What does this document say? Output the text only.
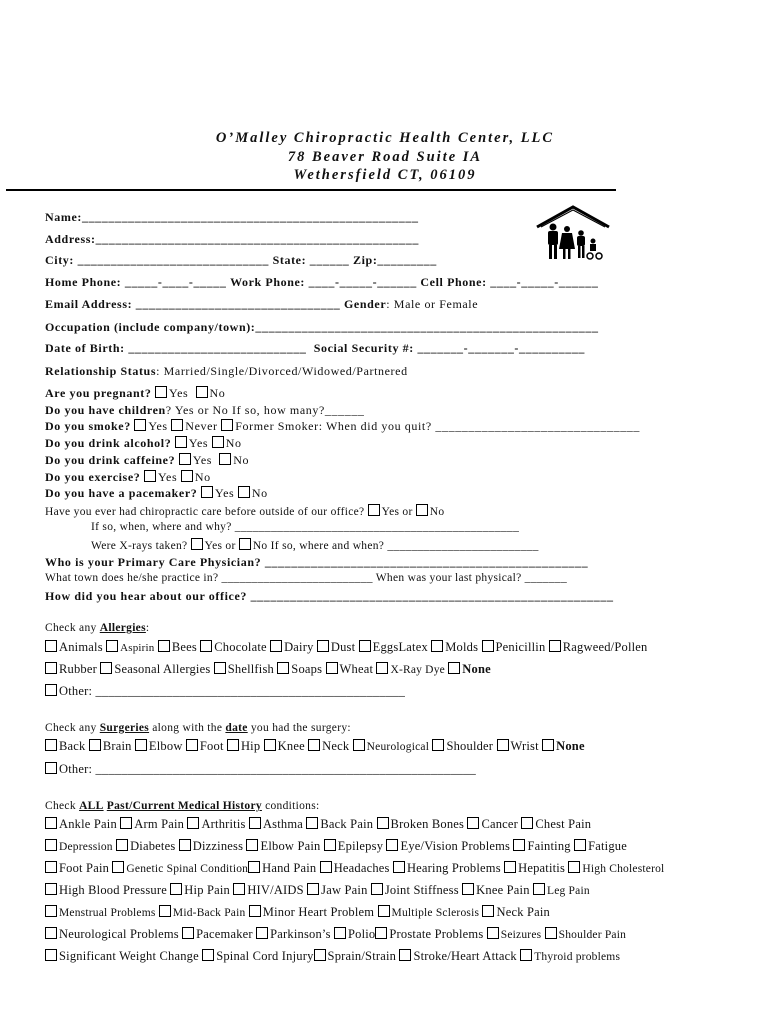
O’Malley Chiropractic Health Center, LLC
78 Beaver Road Suite IA
Wethersfield CT, 06109
Name:___________________________________________________
Address:_________________________________________________
City: _____________________________ State: ______ Zip:_________
Home Phone: _____-____-_____ Work Phone: ____-_____-______ Cell Phone: ____-_____-______
Email Address: _______________________________ Gender: Male or Female
Occupation (include company/town):____________________________________________________
Date of Birth: ___________________________ Social Security #: _______-_______-__________
Relationship Status: Married/Single/Divorced/Widowed/Partnered
Are you pregnant? Yes No
Do you have children? Yes or No If so, how many?______
Do you smoke? Yes Never Former Smoker: When did you quit? _______________________________
Do you drink alcohol? Yes No
Do you drink caffeine? Yes No
Do you exercise? Yes No
Do you have a pacemaker? Yes No
Have you ever had chiropractic care before outside of our office? Yes or No
If so, when, where and why? _______________________________________________
Were X-rays taken? Yes or No If so, where and when? _________________________
Who is your Primary Care Physician? _________________________________________________
What town does he/she practice in? _________________________ When was your last physical? _______
How did you hear about our office? _______________________________________________________
Check any Allergies:
Animals Aspirin Bees Chocolate Dairy Dust EggsLatex Molds Penicillin Ragweed/Pollen
Rubber Seasonal Allergies Shellfish Soaps Wheat X-Ray Dye None
Other: ________________________________________________
Check any Surgeries along with the date you had the surgery:
Back Brain Elbow Foot Hip Knee Neck Neurological Shoulder Wrist None
Other: ___________________________________________________________
Check ALL Past/Current Medical History conditions:
Ankle Pain Arm Pain Arthritis Asthma Back Pain Broken Bones Cancer Chest Pain
Depression Diabetes Dizziness Elbow Pain Epilepsy Eye/Vision Problems Fainting Fatigue
Foot Pain Genetic Spinal Condition Hand Pain Headaches Hearing Problems Hepatitis High Cholesterol
High Blood Pressure Hip Pain HIV/AIDS Jaw Pain Joint Stiffness Knee Pain Leg Pain
Menstrual Problems Mid-Back Pain Minor Heart Problem Multiple Sclerosis Neck Pain
Neurological Problems Pacemaker Parkinson’s Polio Prostate Problems Seizures Shoulder Pain
Significant Weight Change Spinal Cord Injury Sprain/Strain Stroke/Heart Attack Thyroid problems
